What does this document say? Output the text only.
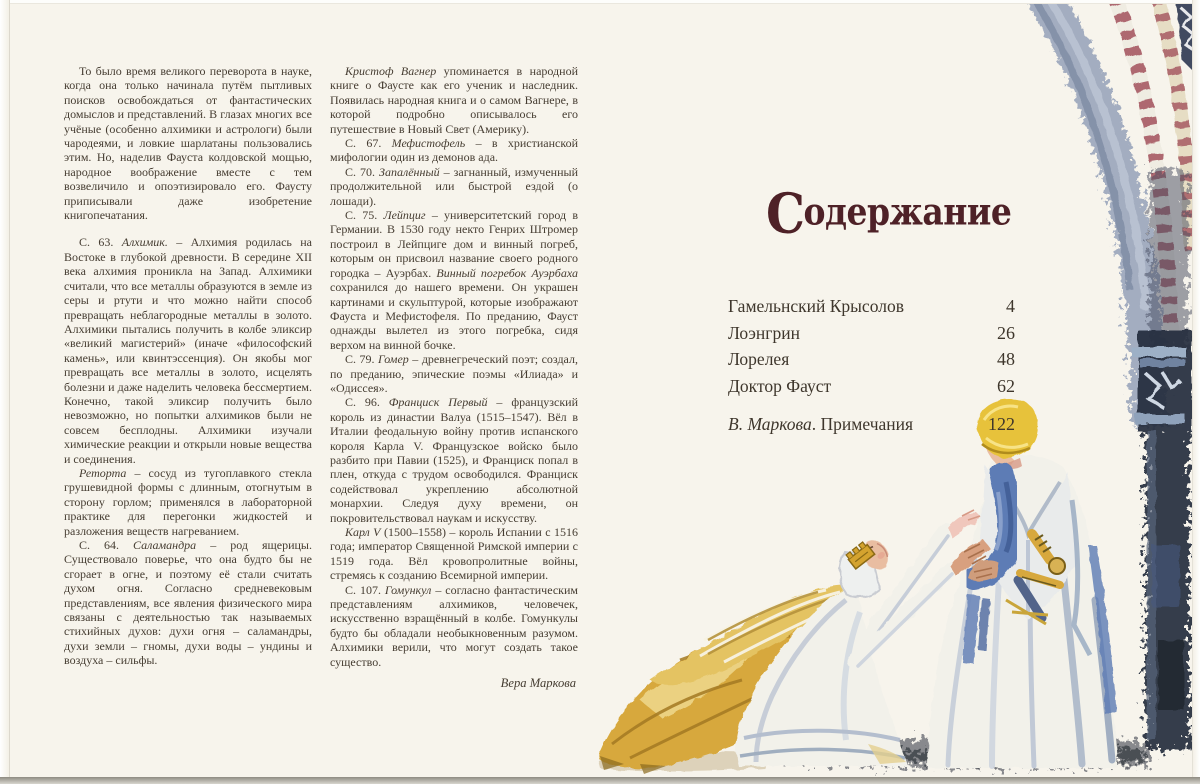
То было время великого переворота в науке, когда она только начинала путём пытливых поисков освобождаться от фантастических домыслов и представлений. В глазах многих все учёные (особенно алхимики и астрологи) были чародеями, и ловкие шарлатаны пользовались этим. Но, наделив Фауста колдовской мощью, народное воображение вместе с тем возвеличило и опоэтизировало его. Фаусту приписывали даже изобретение книгопечатания.

С. 63. Алхимик. – Алхимия родилась на Востоке в глубокой древности. В середине XII века алхимия проникла на Запад. Алхимики считали, что все металлы образуются в земле из серы и ртути и что можно найти способ превращать неблагородные металлы в золото. Алхимики пытались получить в колбе эликсир «великий магистерий» (иначе «философский камень», или квинтэссенция). Он якобы мог превращать все металлы в золото, исцелять болезни и даже наделить человека бессмертием. Конечно, такой эликсир получить было невозможно, но попытки алхимиков были не совсем бесплодны. Алхимики изучали химические реакции и открыли новые вещества и соединения.

Реторта – сосуд из тугоплавкого стекла грушевидной формы с длинным, отогнутым в сторону горлом; применялся в лабораторной практике для перегонки жидкостей и разложения веществ нагреванием.

С. 64. Саламандра – род ящерицы. Существовало поверье, что она будто бы не сгорает в огне, и поэтому её стали считать духом огня. Согласно средневековым представлениям, все явления физического мира связаны с деятельностью так называемых стихийных духов: духи огня – саламандры, духи земли – гномы, духи воды – ундины и воздуха – сильфы.

Кристоф Вагнер упоминается в народной книге о Фаусте как его ученик и наследник. Появилась народная книга и о самом Вагнере, в которой подробно описывалось его путешествие в Новый Свет (Америку).

С. 67. Мефистофель – в христианской мифологии один из демонов ада.

С. 70. Запалённый – загнанный, измученный продолжительной или быстрой ездой (о лошади).

С. 75. Лейпциг – университетский город в Германии. В 1530 году некто Генрих Штромер построил в Лейпциге дом и винный погреб, которым он присвоил название своего родного городка – Ауэрбах. Винный погребок Ауэрбаха сохранился до нашего времени. Он украшен картинами и скульптурой, которые изображают Фауста и Мефистофеля. По преданию, Фауст однажды вылетел из этого погребка, сидя верхом на винной бочке.

С. 79. Гомер – древнегреческий поэт; создал, по преданию, эпические поэмы «Илиада» и «Одиссея».

С. 96. Франциск Первый – французский король из династии Валуа (1515–1547). Вёл в Италии феодальную войну против испанского короля Карла V. Французское войско было разбито при Павии (1525), и Франциск попал в плен, откуда с трудом освободился. Франциск содействовал укреплению абсолютной монархии. Следуя духу времени, он покровительствовал наукам и искусству.

Карл V (1500–1558) – король Испании с 1516 года; император Священной Римской империи с 1519 года. Вёл кровопролитные войны, стремясь к созданию Всемирной империи.

С. 107. Гомункул – согласно фантастическим представлениям алхимиков, человечек, искусственно взращённый в колбе. Гомункулы будто бы обладали необыкновенным разумом. Алхимики верили, что могут создать такое существо.

Вера Маркова
Содержание
Гамельнский Крысолов	4
Лоэнгрин	26
Лорелея	48
Доктор Фауст	62
В. Маркова. Примечания	122
